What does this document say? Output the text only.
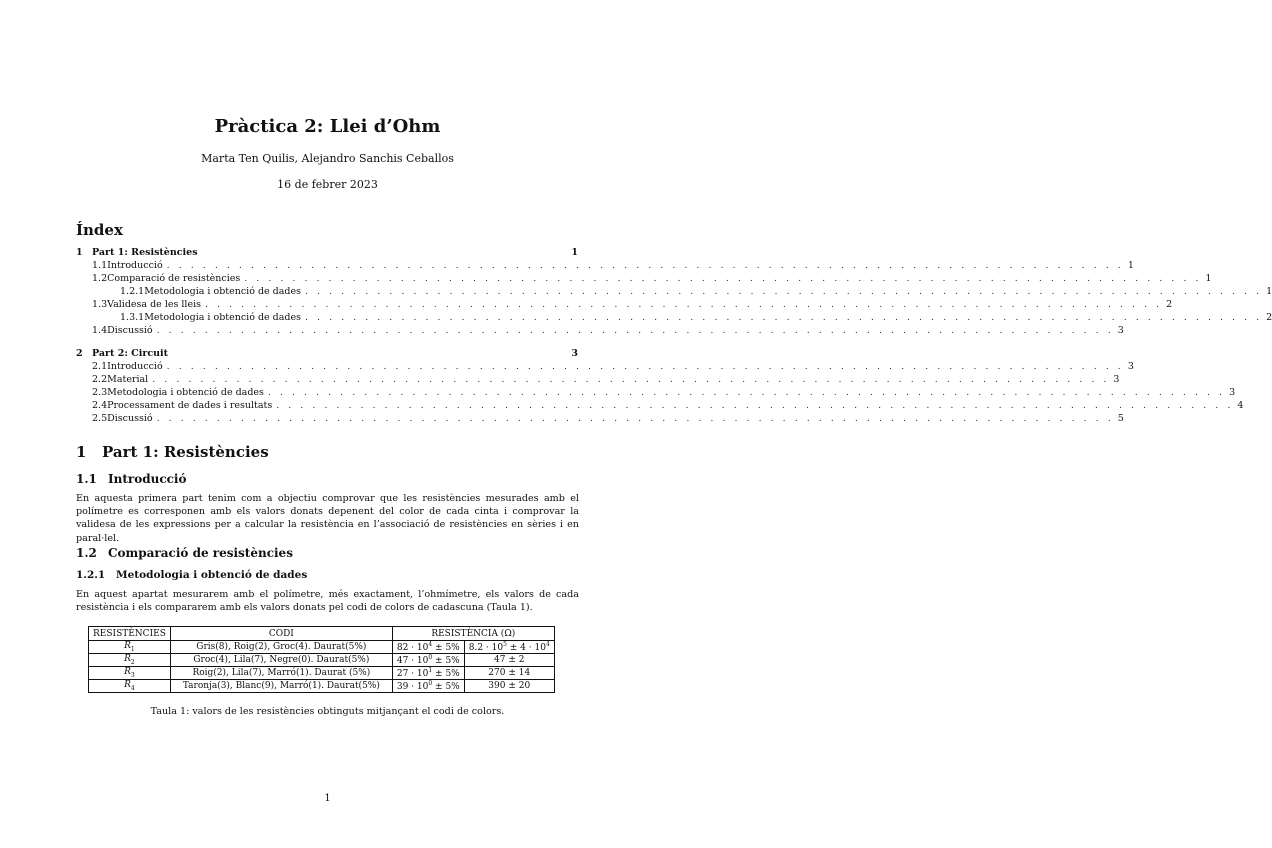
Pràctica 2: Llei d’Ohm
Marta Ten Quilis, Alejandro Sanchis Ceballos
16 de febrer 2023
Índex
1 Part 1: Resistències	1
1.1 Introducció . . . . . . . . . . . . . . . . . . . . . . . . . . . . . . . . . . . . . . . . . . . . . . . . . . . . . . . . . . . . . . . . . . . . . . . . . . . . . . . . 1
1.2 Comparació de resistències . . . . . . . . . . . . . . . . . . . . . . . . . . . . . . . . . . . . . . . . . . . . . . . . . . . . . . . . . . . . . . . . . . . . . . . . . . . . . . . . 1
1.2.1 Metodologia i obtenció de dades . . . . . . . . . . . . . . . . . . . . . . . . . . . . . . . . . . . . . . . . . . . . . . . . . . . . . . . . . . . . . . . . . . . . . . . . . . . . . . . . 1
1.3 Validesa de les lleis . . . . . . . . . . . . . . . . . . . . . . . . . . . . . . . . . . . . . . . . . . . . . . . . . . . . . . . . . . . . . . . . . . . . . . . . . . . . . . . . 2
1.3.1 Metodologia i obtenció de dades . . . . . . . . . . . . . . . . . . . . . . . . . . . . . . . . . . . . . . . . . . . . . . . . . . . . . . . . . . . . . . . . . . . . . . . . . . . . . . . . 2
1.4 Discussió . . . . . . . . . . . . . . . . . . . . . . . . . . . . . . . . . . . . . . . . . . . . . . . . . . . . . . . . . . . . . . . . . . . . . . . . . . . . . . . . 3
2 Part 2: Circuit	3
2.1 Introducció . . . . . . . . . . . . . . . . . . . . . . . . . . . . . . . . . . . . . . . . . . . . . . . . . . . . . . . . . . . . . . . . . . . . . . . . . . . . . . . . 3
2.2 Material . . . . . . . . . . . . . . . . . . . . . . . . . . . . . . . . . . . . . . . . . . . . . . . . . . . . . . . . . . . . . . . . . . . . . . . . . . . . . . . . 3
2.3 Metodologia i obtenció de dades . . . . . . . . . . . . . . . . . . . . . . . . . . . . . . . . . . . . . . . . . . . . . . . . . . . . . . . . . . . . . . . . . . . . . . . . . . . . . . . . 3
2.4 Processament de dades i resultats . . . . . . . . . . . . . . . . . . . . . . . . . . . . . . . . . . . . . . . . . . . . . . . . . . . . . . . . . . . . . . . . . . . . . . . . . . . . . . . . 4
2.5 Discussió . . . . . . . . . . . . . . . . . . . . . . . . . . . . . . . . . . . . . . . . . . . . . . . . . . . . . . . . . . . . . . . . . . . . . . . . . . . . . . . . 5
1 Part 1: Resistències
1.1 Introducció
En aquesta primera part tenim com a objectiu comprovar que les resistències mesurades amb el polímetre es corresponen amb els valors donats depenent del color de cada cinta i comprovar la validesa de les expressions per a calcular la resistència en l’associació de resistències en sèries i en paral·lel.
1.2 Comparació de resistències
1.2.1 Metodologia i obtenció de dades
En aquest apartat mesurarem amb el polímetre, més exactament, l’ohmímetre, els valors de cada resistència i els compararem amb els valors donats pel codi de colors de cadascuna (Taula 1).
RESISTÈNCIES	CODI	RESISTÈNCIA (Ω)	
$R_1$	Gris(8), Roig(2), Groc(4). Daurat(5%)	$82 \cdot 10^4 \pm 5\%$	$8.2 \cdot 10^5 \pm 4 \cdot 10^4$
$R_2$	Groc(4), Lila(7), Negre(0). Daurat(5%)	$47 \cdot 10^0 \pm 5\%$	47 ± 2
$R_3$	Roig(2), Lila(7), Marró(1). Daurat (5%)	$27 \cdot 10^1 \pm 5\%$	270 ± 14
$R_4$	Taronja(3), Blanc(9), Marró(1). Daurat(5%)	$39 \cdot 10^0 \pm 5\%$	390 ± 20
Taula 1: valors de les resistències obtinguts mitjançant el codi de colors.
1
